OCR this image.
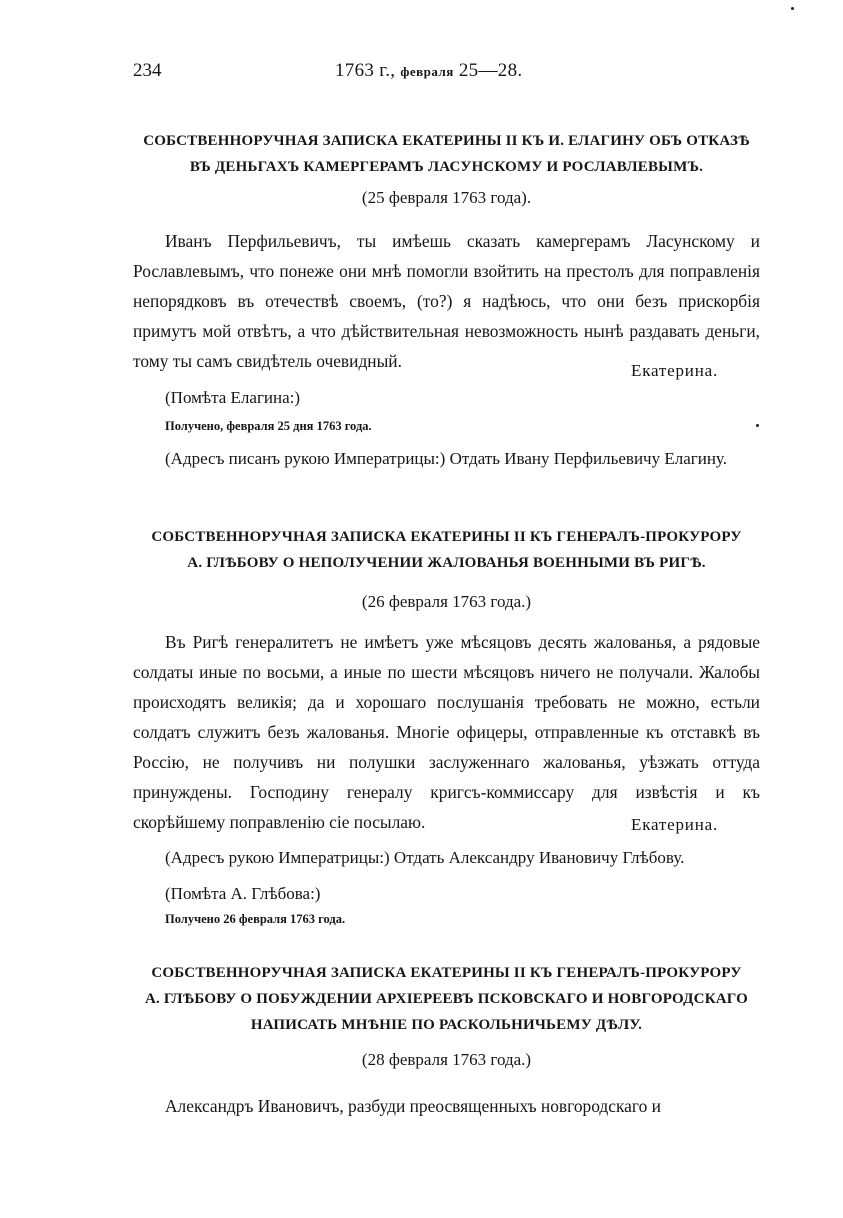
234	1763 г., февраля 25—28.

СОБСТВЕННОРУЧНАЯ ЗАПИСКА ЕКАТЕРИНЫ II КЪ И. ЕЛАГИНУ ОБЪ ОТКАЗѢ

ВЪ ДЕНЬГАХЪ КАМЕРГЕРАМЪ ЛАСУНСКОМУ И РОСЛАВЛЕВЫМЪ.

(25 февраля 1763 года).

Иванъ Перфильевичъ, ты имѣешь сказать камергерамъ Ласунскому и Рославлевымъ, что понеже они мнѣ помогли взойтить на престолъ для поправленія непорядковъ въ отечествѣ своемъ, (то?) я надѣюсь, что они безъ прискорбія примутъ мой отвѣтъ, а что дѣйствительная невозможность нынѣ раздавать деньги, тому ты самъ свидѣтель очевидный.	Екатерина.

(Помѣта Елагина:)

Получено, февраля 25 дня 1763 года.

(Адресъ писанъ рукою Императрицы:) Отдать Ивану Перфильевичу Елагину.

СОБСТВЕННОРУЧНАЯ ЗАПИСКА ЕКАТЕРИНЫ II КЪ ГЕНЕРАЛЪ-ПРОКУРОРУ

А. ГЛѢБОВУ О НЕПОЛУЧЕНИИ ЖАЛОВАНЬЯ ВОЕННЫМИ ВЪ РИГѢ.

(26 февраля 1763 года.)

Въ Ригѣ генералитетъ не имѣетъ уже мѣсяцовъ десять жалованья, а рядовые солдаты иные по восьми, а иные по шести мѣсяцовъ ничего не получали. Жалобы происходятъ великія; да и хорошаго послушанія требовать не можно, естьли солдатъ служитъ безъ жалованья. Многіе офицеры, отправленные къ отставкѣ въ Россію, не получивъ ни полушки заслуженнаго жалованья, уѣзжать оттуда принуждены. Господину генералу кригсъ-коммиссару для извѣстія и къ скорѣйшему поправленію сіе посылаю.	Екатерина.

(Адресъ рукою Императрицы:) Отдать Александру Ивановичу Глѣбову.

(Помѣта А. Глѣбова:)

Получено 26 февраля 1763 года.

СОБСТВЕННОРУЧНАЯ ЗАПИСКА ЕКАТЕРИНЫ II КЪ ГЕНЕРАЛЪ-ПРОКУРОРУ

А. ГЛѢБОВУ О ПОБУЖДЕНИИ АРХІЕРЕЕВЪ ПСКОВСКАГО И НОВГОРОДСКАГО

НАПИСАТЬ МНѢНІЕ ПО РАСКОЛЬНИЧЬЕМУ ДѢЛУ.

(28 февраля 1763 года.)

Александръ Ивановичъ, разбуди преосвященныхъ новгородскаго и
